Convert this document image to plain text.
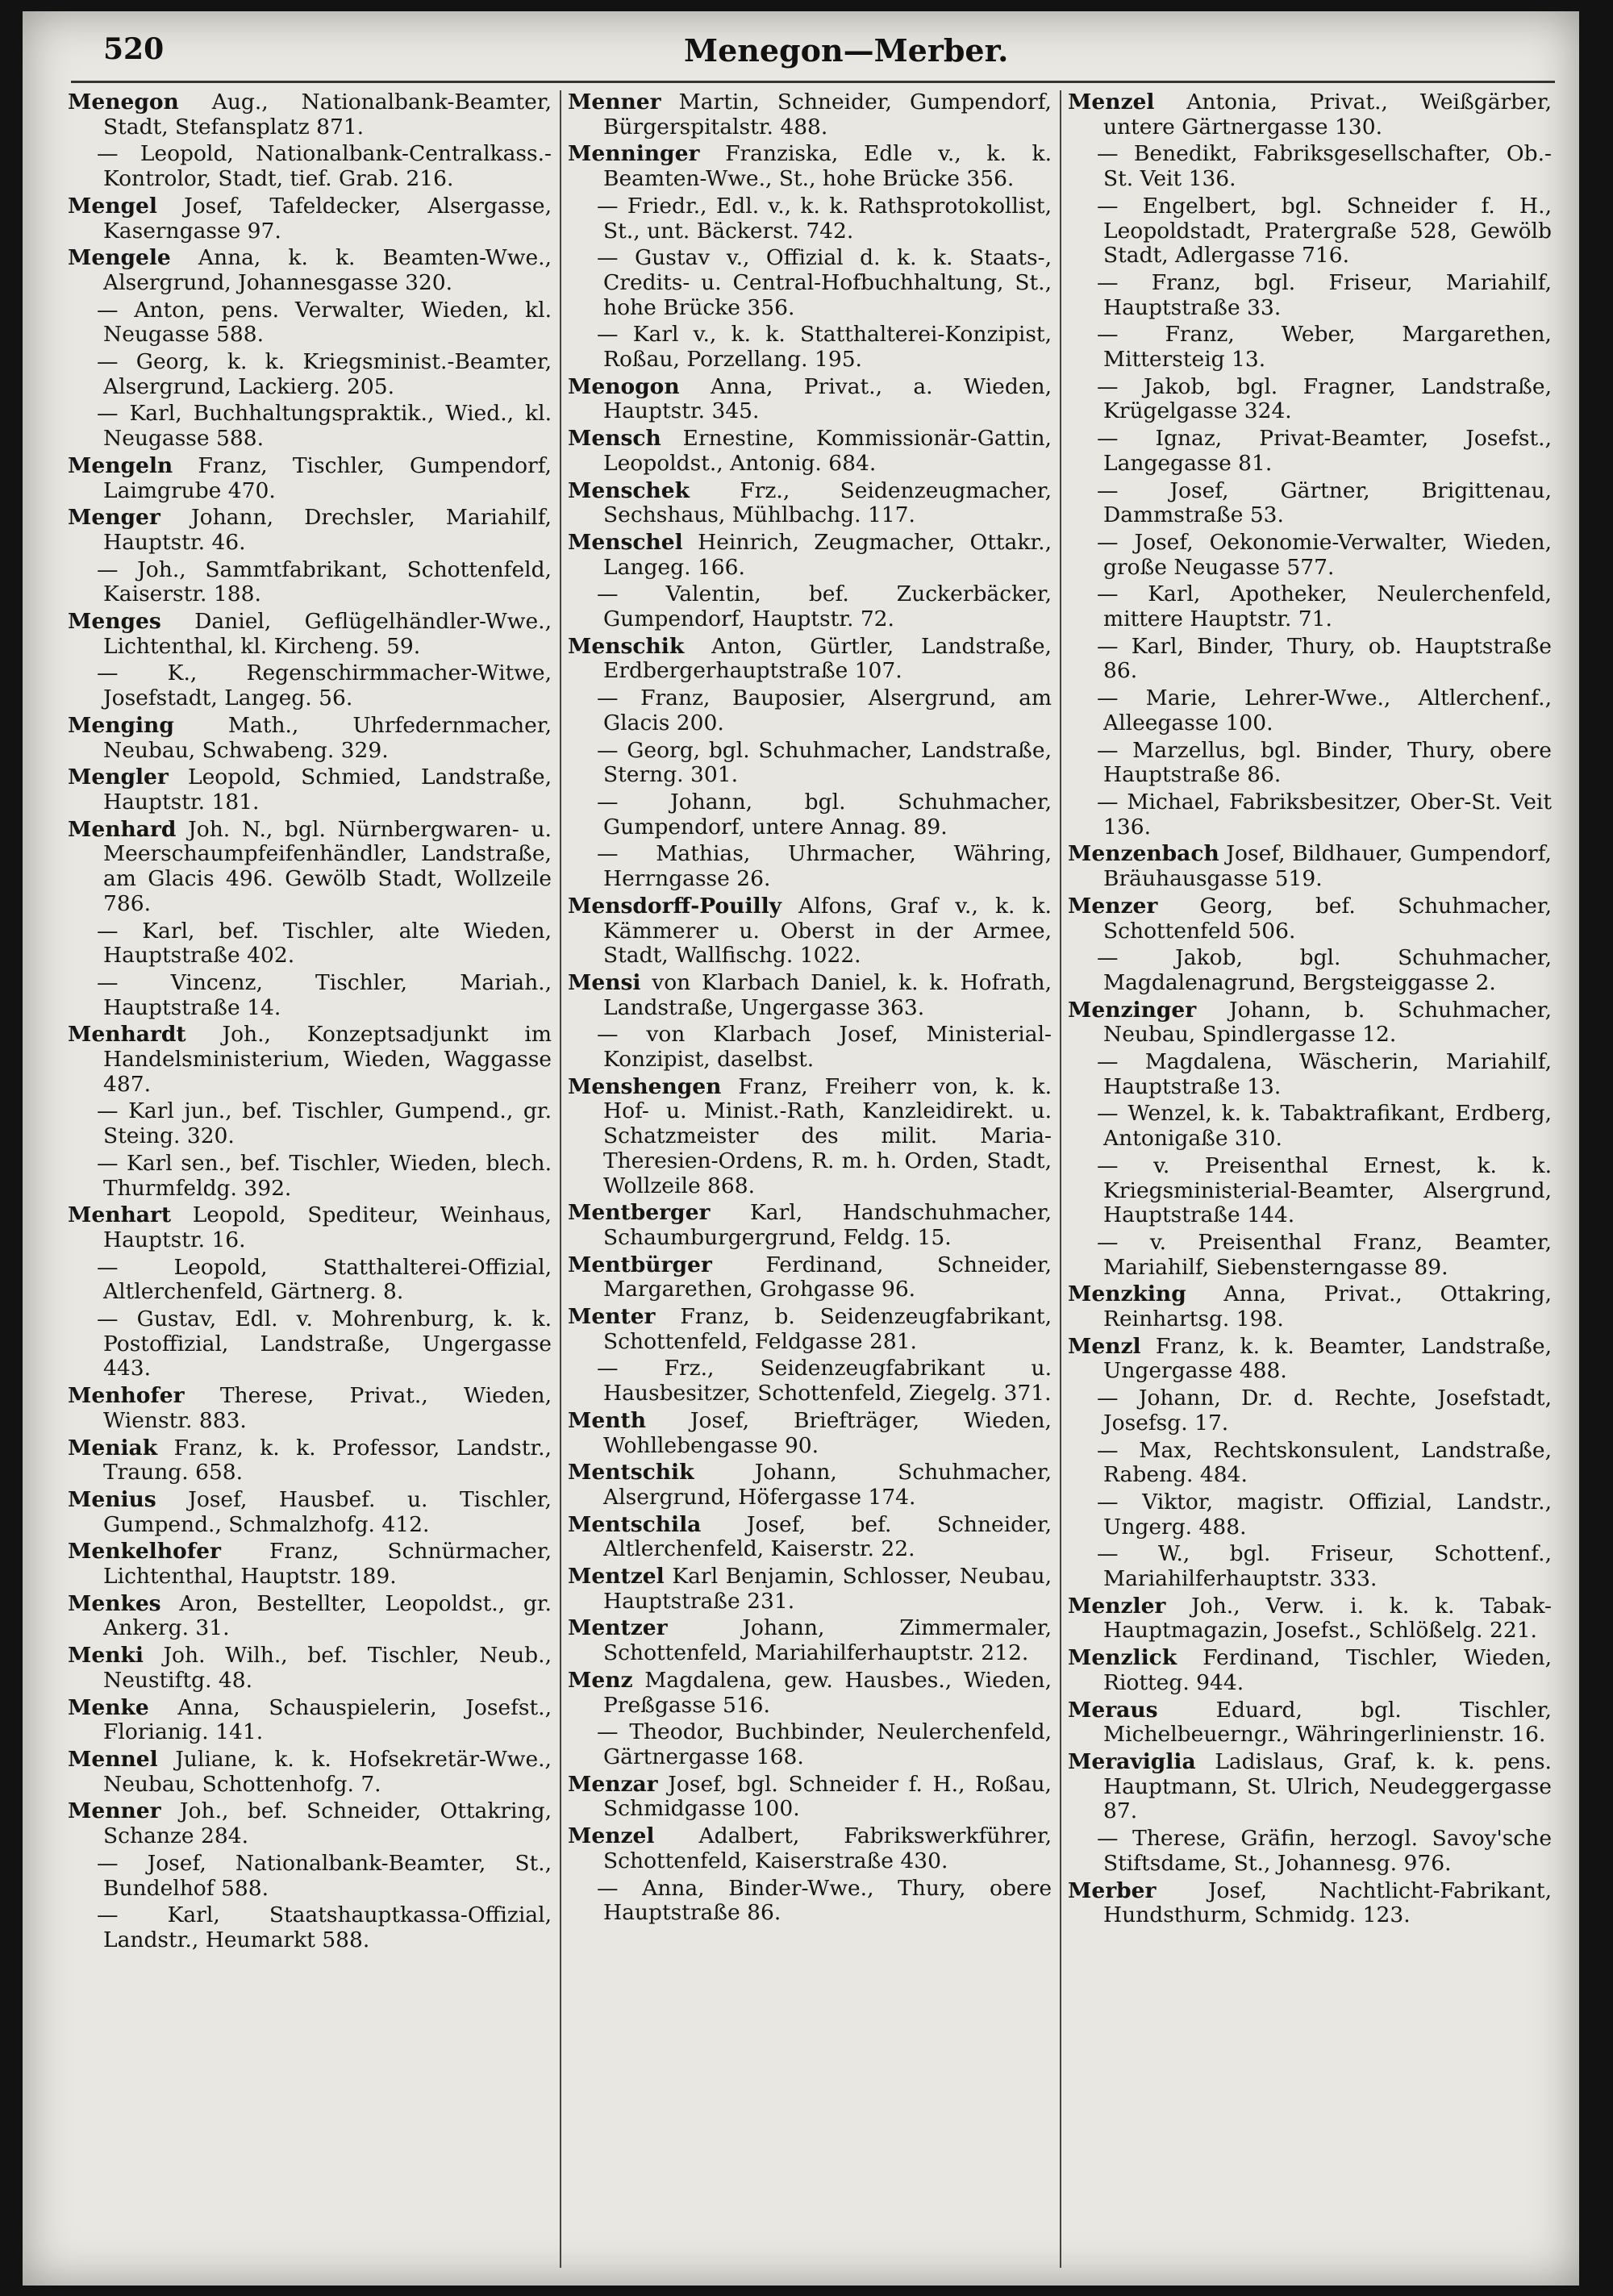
520	Menegon—Merber.

Menegon Aug., Nationalbank-Beamter, Stadt, Stefansplatz 871.

— Leopold, Nationalbank-Centralkass.-Kontrolor, Stadt, tief. Grab. 216.

Mengel Josef, Tafeldecker, Alsergasse, Kaserngasse 97.

Mengele Anna, k. k. Beamten-Wwe., Alsergrund, Johannesgasse 320.

— Anton, pens. Verwalter, Wieden, kl. Neugasse 588.

— Georg, k. k. Kriegsminist.-Beamter, Alsergrund, Lackierg. 205.

— Karl, Buchhaltungspraktik., Wied., kl. Neugasse 588.

Mengeln Franz, Tischler, Gumpendorf, Laimgrube 470.

Menger Johann, Drechsler, Mariahilf, Hauptstr. 46.

— Joh., Sammtfabrikant, Schottenfeld, Kaiserstr. 188.

Menges Daniel, Geflügelhändler-Wwe., Lichtenthal, kl. Kircheng. 59.

— K., Regenschirmmacher-Witwe, Josefstadt, Langeg. 56.

Menging	Math., Uhrfedernmacher, Neubau, Schwabeng. 329.

Mengler Leopold, Schmied, Landstraße, Hauptstr. 181.

Menhard Joh. N., bgl. Nürnbergwaren- u. Meerschaumpfeifenhändler, Landstraße, am Glacis 496. Gewölb Stadt, Wollzeile 786.

— Karl, bef. Tischler, alte Wieden, Hauptstraße 402.

— Vincenz, Tischler, Mariah., Hauptstraße 14.

Menhardt Joh., Konzeptsadjunkt im Handelsministerium, Wieden, Waggasse 487.

— Karl jun., bef. Tischler, Gumpend., gr. Steing. 320.

— Karl sen., bef. Tischler, Wieden, blech. Thurmfeldg. 392.

Menhart Leopold, Spediteur, Weinhaus, Hauptstr. 16.

— Leopold, Statthalterei-Offizial, Altlerchenfeld, Gärtnerg. 8.

— Gustav, Edl. v. Mohrenburg, k. k. Postoffizial, Landstraße, Ungergasse 443.

Menhofer Therese, Privat., Wieden, Wienstr. 883.

Meniak Franz, k. k. Professor, Landstr., Traung. 658.

Menius Josef, Hausbef. u. Tischler, Gumpend., Schmalzhofg. 412.

Menkelhofer Franz, Schnürmacher, Lichtenthal, Hauptstr. 189.

Menkes Aron, Bestellter, Leopoldst., gr. Ankerg. 31.

Menki Joh. Wilh., bef. Tischler, Neub., Neustiftg. 48.

Menke Anna, Schauspielerin, Josefst., Florianig. 141.

Mennel Juliane, k. k. Hofsekretär-Wwe., Neubau, Schottenhofg. 7.

Menner Joh., bef. Schneider, Ottakring, Schanze 284.

— Josef, Nationalbank-Beamter, St., Bundelhof 588.

— Karl, Staatshauptkassa-Offizial, Landstr., Heumarkt 588.

Menner Martin, Schneider, Gumpendorf, Bürgerspitalstr. 488.

Menninger Franziska, Edle v., k. k. Beamten-Wwe., St., hohe Brücke 356.

— Friedr., Edl. v., k. k. Rathsprotokollist, St., unt. Bäckerst. 742.

— Gustav v., Offizial d. k. k. Staats-, Credits- u. Central-Hofbuchhaltung, St., hohe Brücke 356.

— Karl v., k. k. Statthalterei-Konzipist, Roßau, Porzellang. 195.

Menogon Anna, Privat., a. Wieden, Hauptstr. 345.

Mensch Ernestine, Kommissionär-Gattin, Leopoldst., Antonig. 684.

Menschek Frz., Seidenzeugmacher, Sechshaus, Mühlbachg. 117.

Menschel Heinrich, Zeugmacher, Ottakr., Langeg. 166.

— Valentin, bef. Zuckerbäcker, Gumpendorf, Hauptstr. 72.

Menschik Anton, Gürtler, Landstraße, Erdbergerhauptstraße 107.

— Franz, Bauposier, Alsergrund, am Glacis 200.

— Georg, bgl. Schuhmacher, Landstraße, Sterng. 301.

— Johann, bgl. Schuhmacher, Gumpendorf, untere Annag. 89.

— Mathias, Uhrmacher, Währing, Herrngasse 26.

Mensdorff-Pouilly Alfons, Graf v., k. k. Kämmerer u. Oberst in der Armee, Stadt, Wallfischg. 1022.

Mensi von Klarbach Daniel, k. k. Hofrath, Landstraße, Ungergasse 363.

— von Klarbach Josef, Ministerial-Konzipist, daselbst.

Menshengen Franz, Freiherr von, k. k. Hof- u. Minist.-Rath, Kanzleidirekt. u. Schatzmeister des milit. Maria-Theresien-Ordens, R. m. h. Orden, Stadt, Wollzeile 868.

Mentberger Karl, Handschuhmacher, Schaumburgergrund, Feldg. 15.

Mentbürger	Ferdinand, Schneider, Margarethen, Grohgasse 96.

Menter Franz, b. Seidenzeugfabrikant, Schottenfeld, Feldgasse 281.

— Frz., Seidenzeugfabrikant u. Hausbesitzer, Schottenfeld, Ziegelg. 371.

Menth Josef, Briefträger, Wieden, Wohllebengasse 90.

Mentschik	Johann, Schuhmacher, Alsergrund, Höfergasse 174.

Mentschila Josef, bef. Schneider, Altlerchenfeld, Kaiserstr. 22.

Mentzel Karl Benjamin, Schlosser, Neubau, Hauptstraße 231.

Mentzer	Johann, Zimmermaler, Schottenfeld, Mariahilferhauptstr. 212.

Menz Magdalena, gew. Hausbes., Wieden, Preßgasse 516.

— Theodor, Buchbinder, Neulerchenfeld, Gärtnergasse 168.

Menzar Josef, bgl. Schneider f. H., Roßau, Schmidgasse 100.

Menzel Adalbert, Fabrikswerkführer, Schottenfeld, Kaiserstraße 430.

— Anna, Binder-Wwe., Thury, obere Hauptstraße 86.

Menzel Antonia, Privat., Weißgärber, untere Gärtnergasse 130.

— Benedikt, Fabriksgesellschafter, Ob.-St. Veit 136.

— Engelbert, bgl. Schneider f. H., Leopoldstadt, Pratergraße 528, Gewölb Stadt, Adlergasse 716.

— Franz, bgl. Friseur, Mariahilf, Hauptstraße 33.

— Franz, Weber, Margarethen, Mittersteig 13.

— Jakob, bgl. Fragner, Landstraße, Krügelgasse 324.

— Ignaz, Privat-Beamter, Josefst., Langegasse 81.

— Josef, Gärtner, Brigittenau, Dammstraße 53.

— Josef, Oekonomie-Verwalter, Wieden, große Neugasse 577.

— Karl, Apotheker, Neulerchenfeld, mittere Hauptstr. 71.

— Karl, Binder, Thury, ob. Hauptstraße 86.

— Marie, Lehrer-Wwe., Altlerchenf., Alleegasse 100.

— Marzellus, bgl. Binder, Thury, obere Hauptstraße 86.

— Michael, Fabriksbesitzer, Ober-St. Veit 136.

Menzenbach Josef, Bildhauer, Gumpendorf, Bräuhausgasse 519.

Menzer Georg, bef. Schuhmacher, Schottenfeld 506.

— Jakob, bgl. Schuhmacher, Magdalenagrund, Bergsteiggasse 2.

Menzinger Johann, b. Schuhmacher, Neubau, Spindlergasse 12.

— Magdalena, Wäscherin, Mariahilf, Hauptstraße 13.

— Wenzel, k. k. Tabaktrafikant, Erdberg, Antonigaße 310.

— v. Preisenthal Ernest, k. k. Kriegsministerial-Beamter, Alsergrund, Hauptstraße 144.

— v. Preisenthal Franz, Beamter, Mariahilf, Siebensterngasse 89.

Menzking Anna, Privat., Ottakring, Reinhartsg. 198.

Menzl Franz, k. k. Beamter, Landstraße, Ungergasse 488.

— Johann, Dr. d. Rechte, Josefstadt, Josefsg. 17.

— Max, Rechtskonsulent, Landstraße, Rabeng. 484.

— Viktor, magistr. Offizial, Landstr., Ungerg. 488.

— W., bgl. Friseur, Schottenf., Mariahilferhauptstr. 333.

Menzler Joh., Verw. i. k. k. Tabak-Hauptmagazin, Josefst., Schlößelg. 221.

Menzlick Ferdinand, Tischler, Wieden, Riotteg. 944.

Meraus	Eduard, bgl. Tischler, Michelbeuerngr., Währingerlinienstr. 16.

Meraviglia Ladislaus, Graf, k. k. pens. Hauptmann, St. Ulrich, Neudeggergasse 87.

— Therese, Gräfin, herzogl. Savoy'sche Stiftsdame, St., Johannesg. 976.

Merber Josef, Nachtlicht-Fabrikant, Hundsthurm, Schmidg. 123.
